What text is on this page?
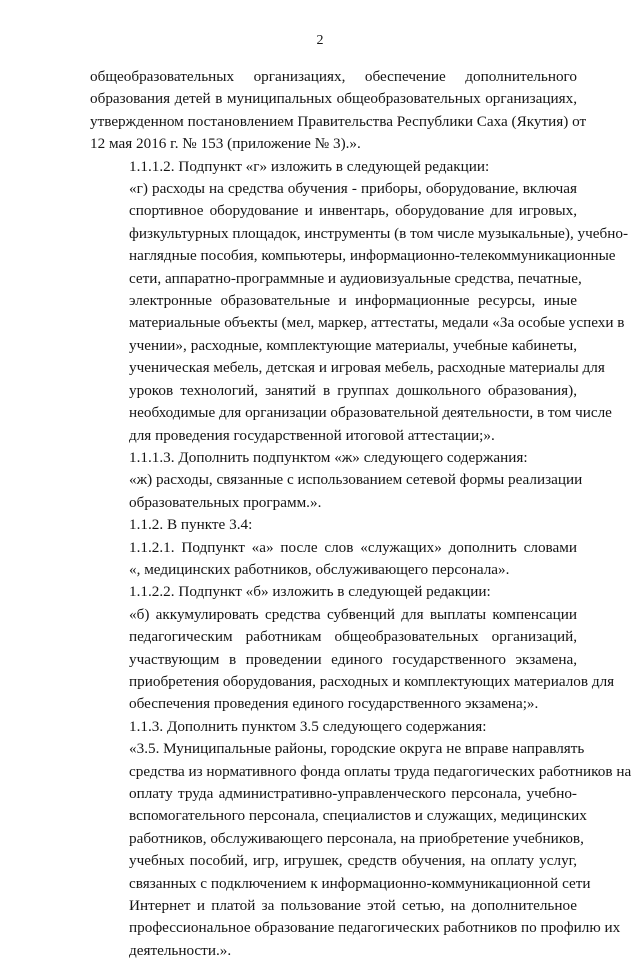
2

общеобразовательных организациях, обеспечение дополнительного
образования детей в муниципальных общеобразовательных организациях,
утвержденном постановлением Правительства Республики Саха (Якутия) от
12 мая 2016 г. № 153 (приложение № 3).».

1.1.1.2. Подпункт «г» изложить в следующей редакции:

«г) расходы на средства обучения - приборы, оборудование, включая
спортивное оборудование и инвентарь, оборудование для игровых,
физкультурных площадок, инструменты (в том числе музыкальные), учебно-
наглядные пособия, компьютеры, информационно-телекоммуникационные
сети, аппаратно-программные и аудиовизуальные средства, печатные,
электронные образовательные и информационные ресурсы, иные
материальные объекты (мел, маркер, аттестаты, медали «За особые успехи в
учении», расходные, комплектующие материалы, учебные кабинеты,
ученическая мебель, детская и игровая мебель, расходные материалы для
уроков технологий, занятий в группах дошкольного образования),
необходимые для организации образовательной деятельности, в том числе
для проведения государственной итоговой аттестации;».

1.1.1.3. Дополнить подпунктом «ж» следующего содержания:

«ж) расходы, связанные с использованием сетевой формы реализации
образовательных программ.».

1.1.2. В пункте 3.4:

1.1.2.1. Подпункт «а» после слов «служащих» дополнить словами
«, медицинских работников, обслуживающего персонала».

1.1.2.2. Подпункт «б» изложить в следующей редакции:

«б) аккумулировать средства субвенций для выплаты компенсации
педагогическим работникам общеобразовательных организаций,
участвующим в проведении единого государственного экзамена,
приобретения оборудования, расходных и комплектующих материалов для
обеспечения проведения единого государственного экзамена;».

1.1.3. Дополнить пунктом 3.5 следующего содержания:

«3.5. Муниципальные районы, городские округа не вправе направлять
средства из нормативного фонда оплаты труда педагогических работников на
оплату труда административно-управленческого персонала, учебно-
вспомогательного персонала, специалистов и служащих, медицинских
работников, обслуживающего персонала, на приобретение учебников,
учебных пособий, игр, игрушек, средств обучения, на оплату услуг,
связанных с подключением к информационно-коммуникационной сети
Интернет и платой за пользование этой сетью, на дополнительное
профессиональное образование педагогических работников по профилю их
деятельности.».
